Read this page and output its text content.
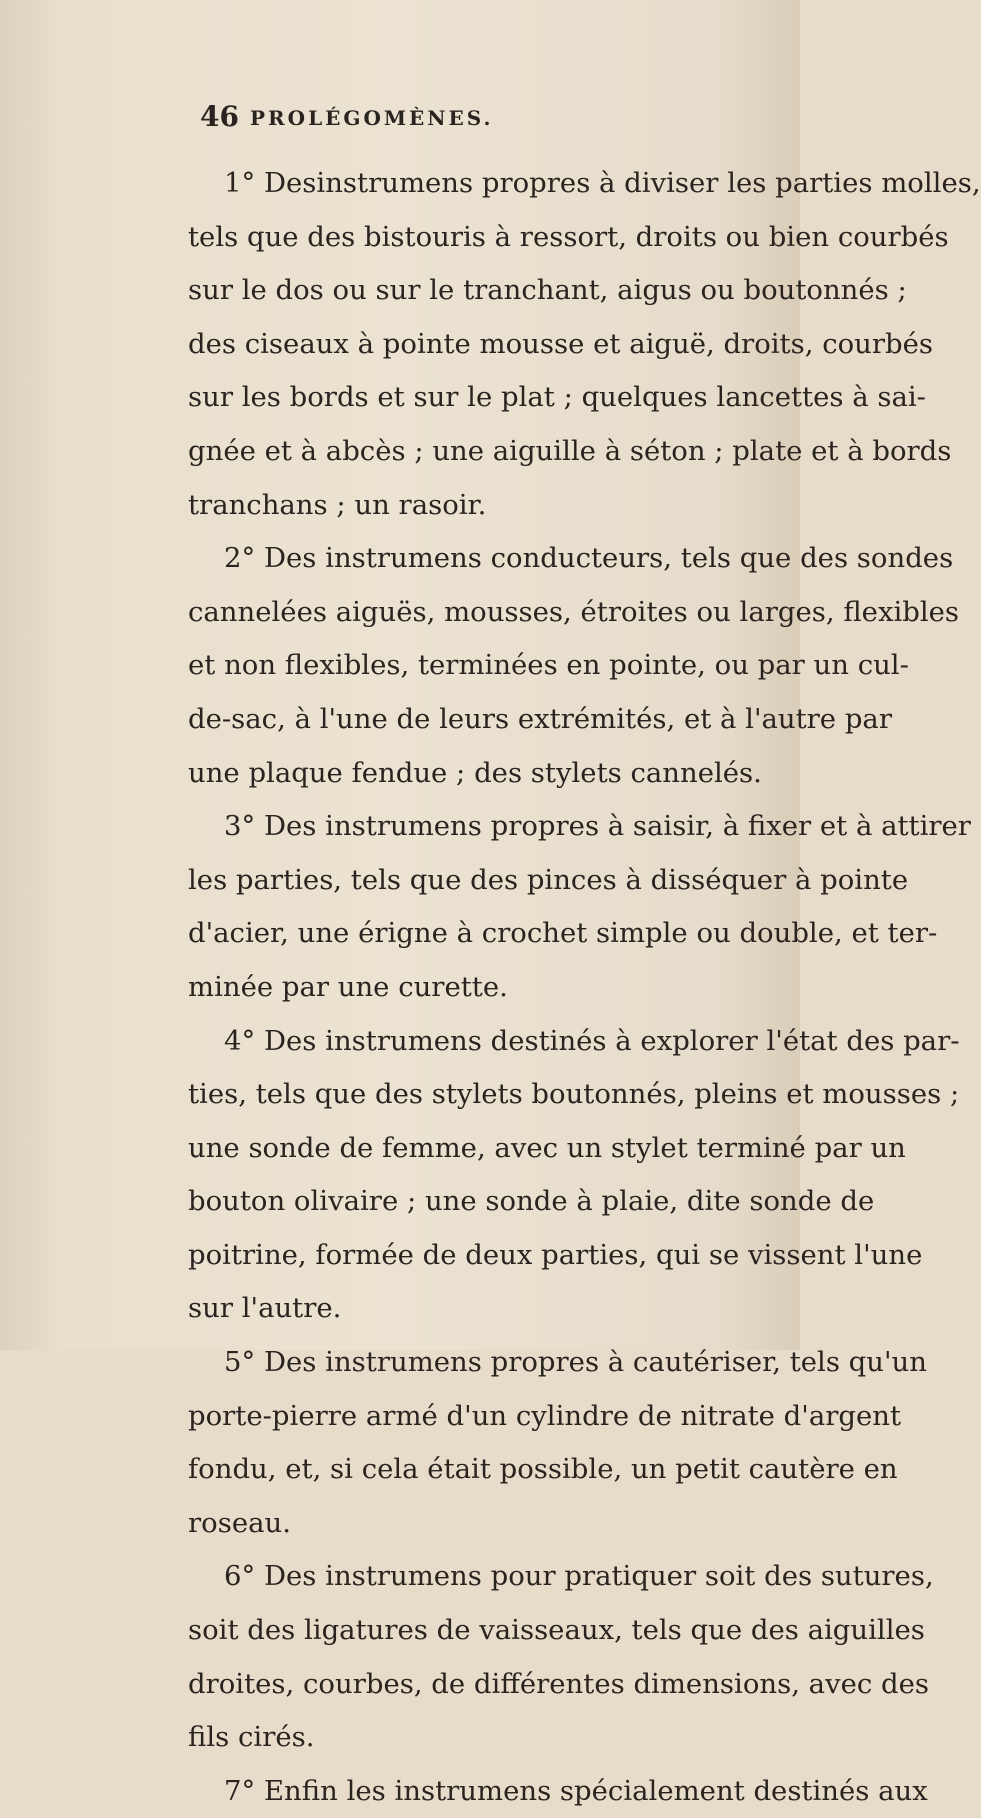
46 PROLÉGOMÈNES.
1° Desinstrumens propres à diviser les parties molles,
tels que des bistouris à ressort, droits ou bien courbés
sur le dos ou sur le tranchant, aigus ou boutonnés ;
des ciseaux à pointe mousse et aiguë, droits, courbés
sur les bords et sur le plat ; quelques lancettes à sai-
gnée et à abcès ; une aiguille à séton ; plate et à bords
tranchans ; un rasoir.
2° Des instrumens conducteurs, tels que des sondes
cannelées aiguës, mousses, étroites ou larges, flexibles
et non flexibles, terminées en pointe, ou par un cul-
de-sac, à l'une de leurs extrémités, et à l'autre par
une plaque fendue ; des stylets cannelés.
3° Des instrumens propres à saisir, à fixer et à attirer
les parties, tels que des pinces à disséquer à pointe
d'acier, une érigne à crochet simple ou double, et ter-
minée par une curette.
4° Des instrumens destinés à explorer l'état des par-
ties, tels que des stylets boutonnés, pleins et mousses ;
une sonde de femme, avec un stylet terminé par un
bouton olivaire ; une sonde à plaie, dite sonde de
poitrine, formée de deux parties, qui se vissent l'une
sur l'autre.
5° Des instrumens propres à cautériser, tels qu'un
porte-pierre armé d'un cylindre de nitrate d'argent
fondu, et, si cela était possible, un petit cautère en
roseau.
6° Des instrumens pour pratiquer soit des sutures,
soit des ligatures de vaisseaux, tels que des aiguilles
droites, courbes, de différentes dimensions, avec des
fils cirés.
7° Enfin les instrumens spécialement destinés aux
